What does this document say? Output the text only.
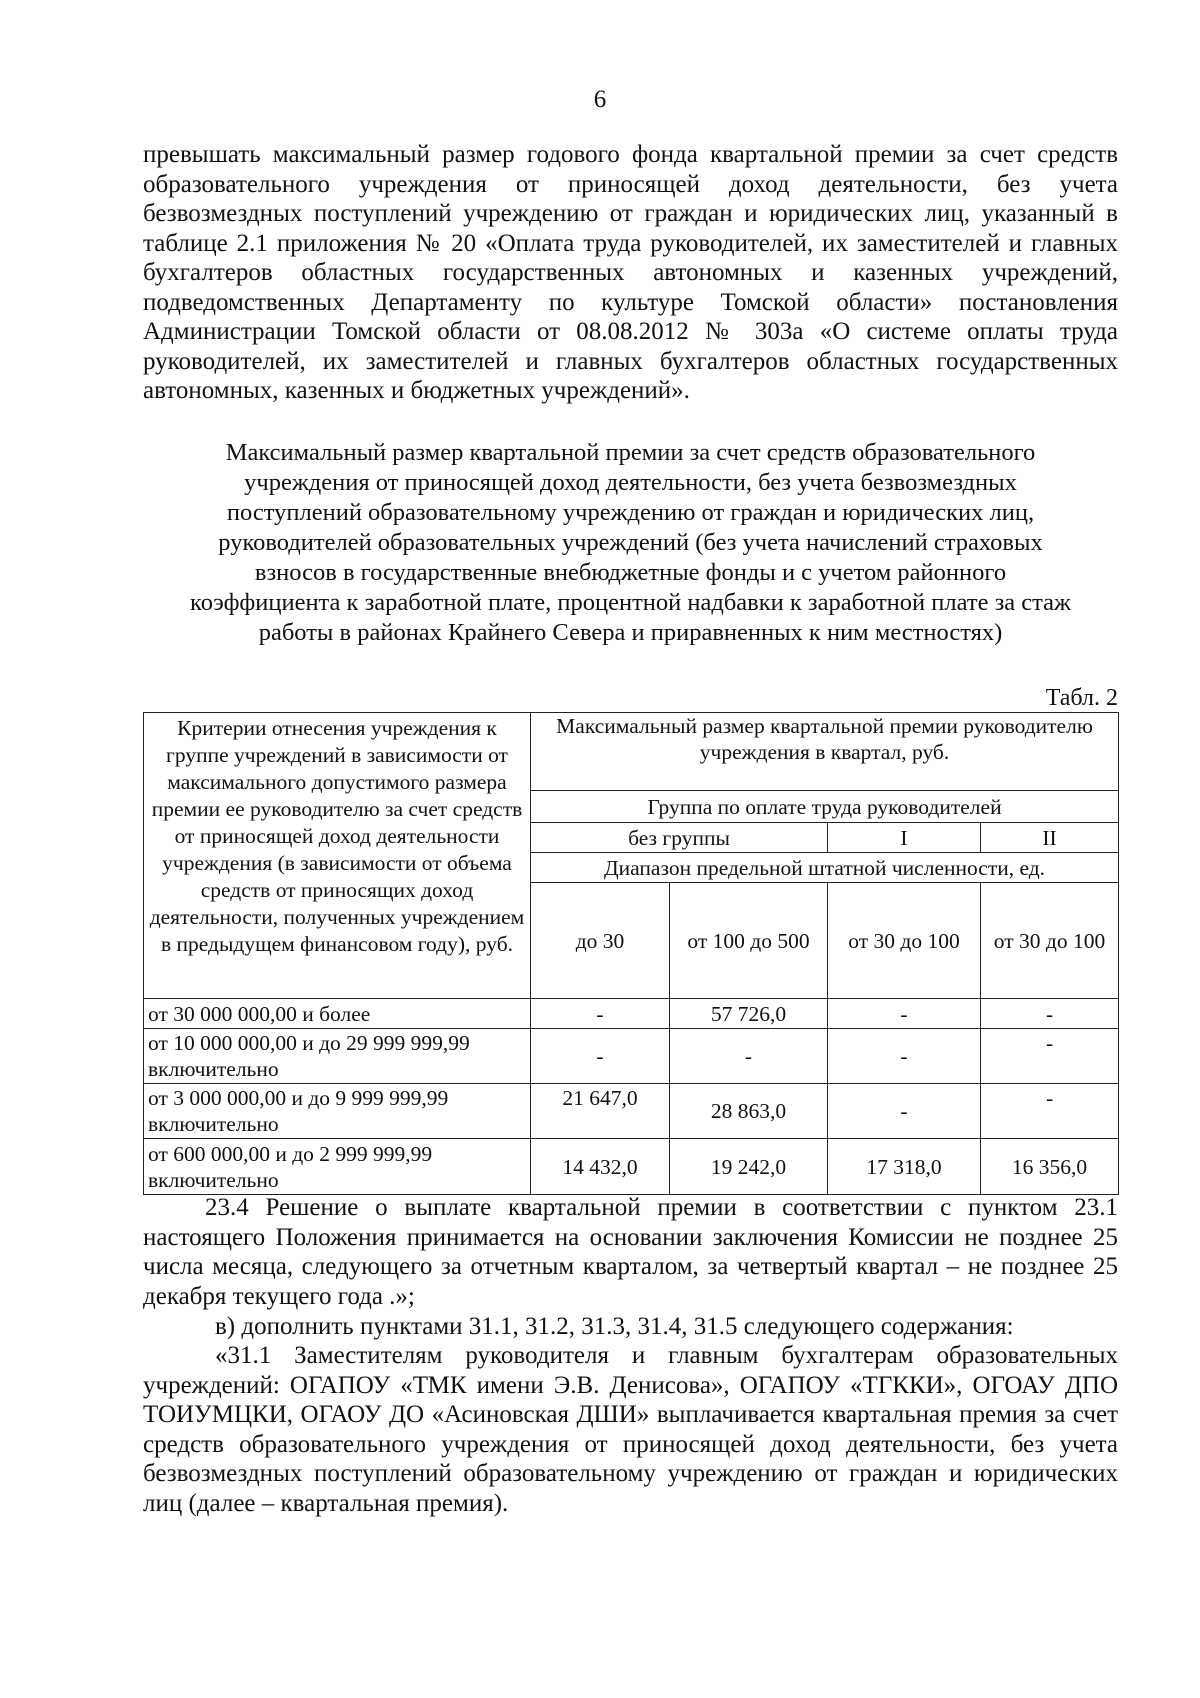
6
превышать максимальный размер годового фонда квартальной премии за счет средств образовательного учреждения от приносящей доход деятельности, без учета безвозмездных поступлений учреждению от граждан и юридических лиц, указанный в таблице 2.1 приложения № 20 «Оплата труда руководителей, их заместителей и главных бухгалтеров областных государственных автономных и казенных учреждений, подведомственных Департаменту по культуре Томской области» постановления Администрации Томской области от 08.08.2012 № 303а «О системе оплаты труда руководителей, их заместителей и главных бухгалтеров областных государственных автономных, казенных и бюджетных учреждений».
Максимальный размер квартальной премии за счет средств образовательного
учреждения от приносящей доход деятельности, без учета безвозмездных
поступлений образовательному учреждению от граждан и юридических лиц,
руководителей образовательных учреждений (без учета начислений страховых
взносов в государственные внебюджетные фонды и с учетом районного
коэффициента к заработной плате, процентной надбавки к заработной плате за стаж
работы в районах Крайнего Севера и приравненных к ним местностях)
Табл. 2
Критерии отнесения учреждения к группе учреждений в зависимости от максимального допустимого размера премии ее руководителю за счет средств от приносящей доход деятельности учреждения (в зависимости от объема средств от приносящих доход деятельности, полученных учреждением в предыдущем финансовом году), руб.	Максимальный размер квартальной премии руководителю учреждения в квартал, руб.			
	Группа по оплате труда руководителей			
	без группы		I	II
	Диапазон предельной штатной численности, ед.			
	до 30	от 100 до 500	от 30 до 100	от 30 до 100
от 30 000 000,00 и более	-	57 726,0	-	-
от 10 000 000,00 и до 29 999 999,99 включительно	-	-	-	-
от 3 000 000,00 и до 9 999 999,99 включительно	21 647,0	28 863,0	-	-
от 600 000,00 и до 2 999 999,99 включительно	14 432,0	19 242,0	17 318,0	16 356,0
23.4 Решение о выплате квартальной премии в соответствии с пунктом 23.1 настоящего Положения принимается на основании заключения Комиссии не позднее 25 числа месяца, следующего за отчетным кварталом, за четвертый квартал – не позднее 25 декабря текущего года .»;
в) дополнить пунктами 31.1, 31.2, 31.3, 31.4, 31.5 следующего содержания:
«31.1 Заместителям руководителя и главным бухгалтерам образовательных учреждений: ОГАПОУ «ТМК имени Э.В. Денисова», ОГАПОУ «ТГККИ», ОГОАУ ДПО ТОИУМЦКИ, ОГАОУ ДО «Асиновская ДШИ» выплачивается квартальная премия за счет средств образовательного учреждения от приносящей доход деятельности, без учета безвозмездных поступлений образовательному учреждению от граждан и юридических лиц (далее – квартальная премия).
